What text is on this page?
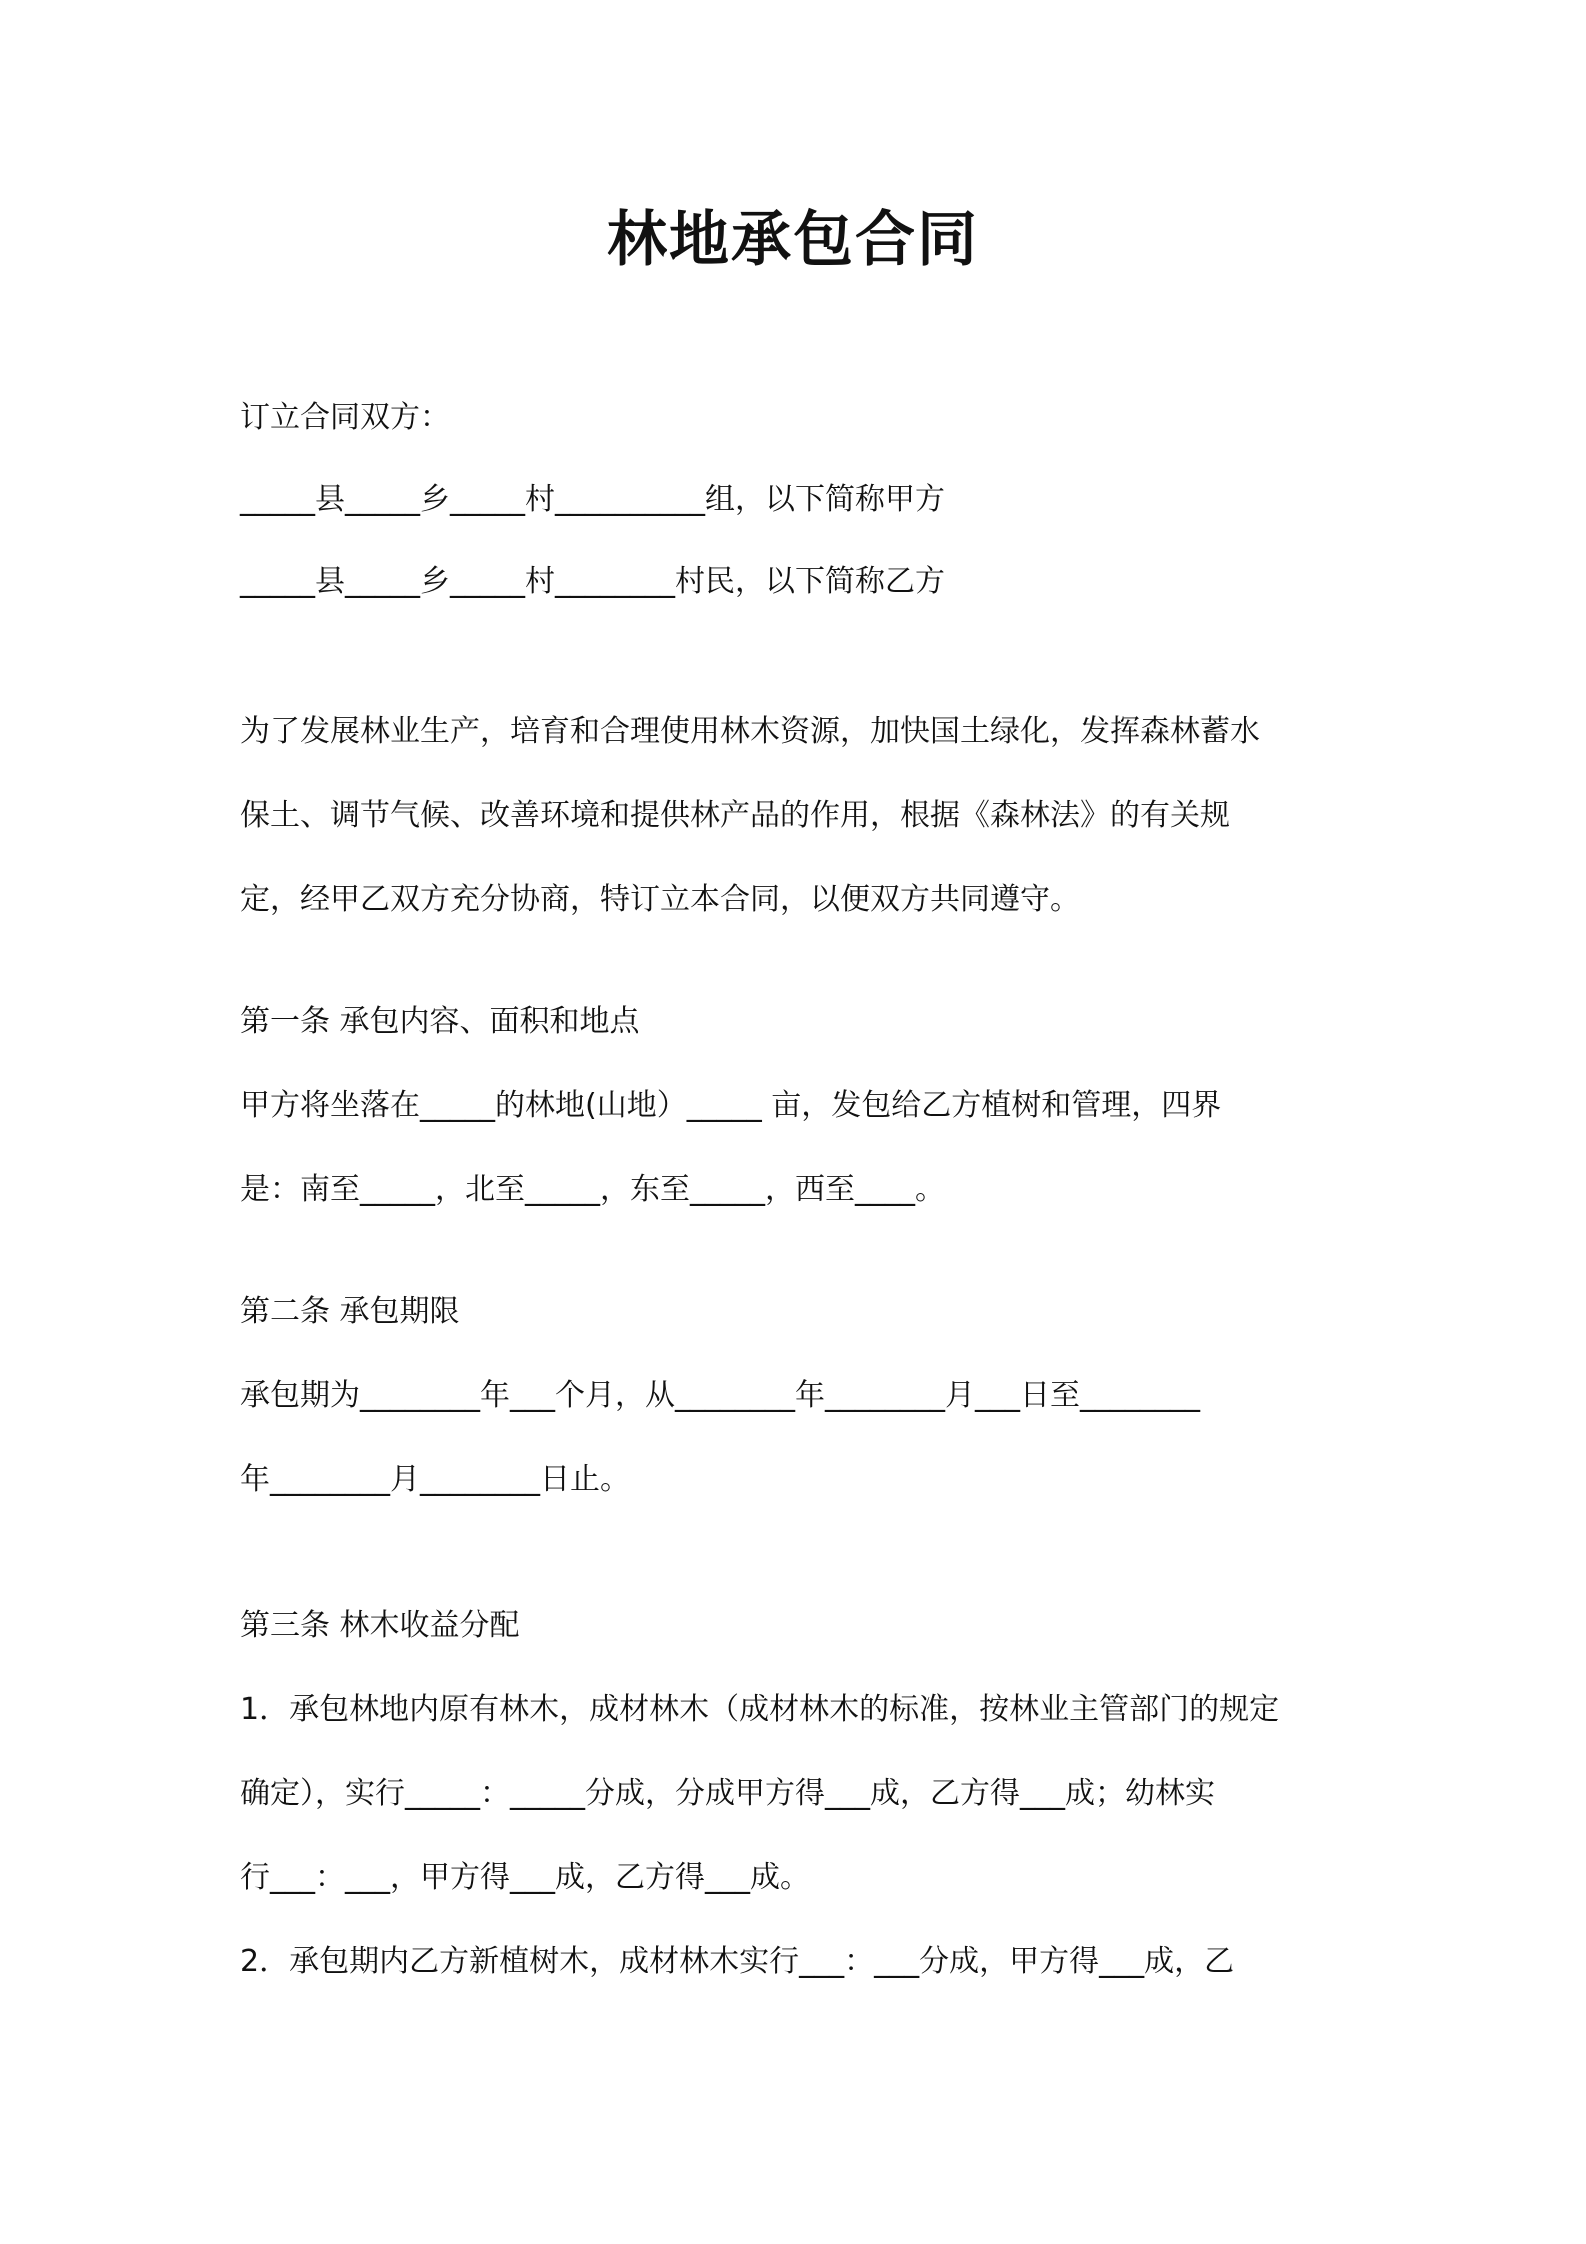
林地承包合同

订立合同双方：

_____县_____乡_____村__________组，以下简称甲方

_____县_____乡_____村________村民，以下简称乙方

为了发展林业生产，培育和合理使用林木资源，加快国土绿化，发挥森林蓄水

保土、调节气候、改善环境和提供林产品的作用，根据《森林法》的有关规

定，经甲乙双方充分协商，特订立本合同，以便双方共同遵守。

第一条 承包内容、面积和地点

甲方将坐落在_____的林地(山地）_____ 亩，发包给乙方植树和管理，四界

是：南至_____，北至_____，东至_____，西至____。

第二条 承包期限

承包期为________年___个月，从________年________月___日至________

年________月________日止。

第三条 林木收益分配

1．承包林地内原有林木，成材林木（成材林木的标准，按林业主管部门的规定

确定），实行_____：_____分成，分成甲方得___成，乙方得___成；幼林实

行___：___，甲方得___成，乙方得___成。

2．承包期内乙方新植树木，成材林木实行___：___分成，甲方得___成，乙
